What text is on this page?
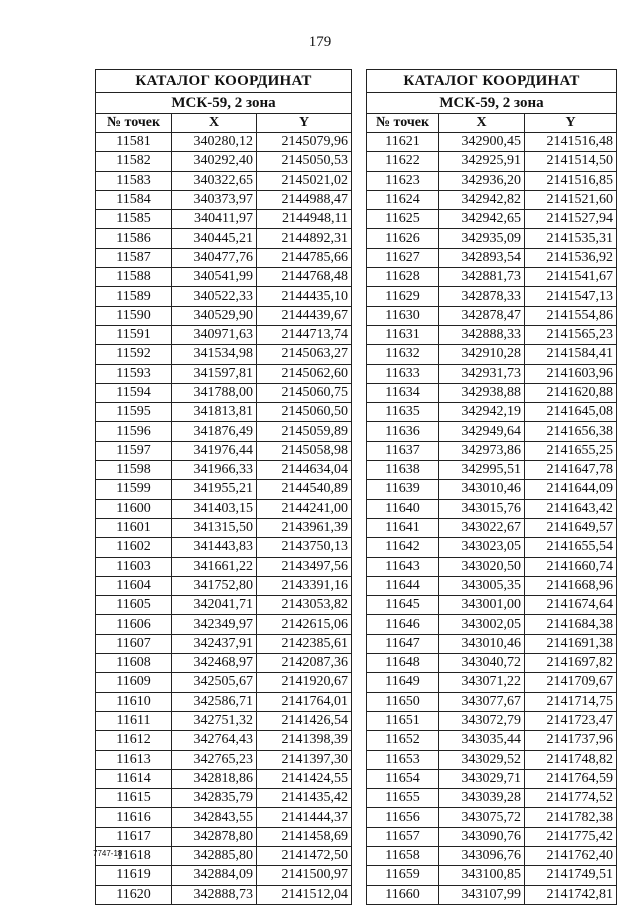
179
КАТАЛОГ КООРДИНАТ		
МСК-59, 2 зона		
№ точек	X	Y
11581	340280,12	2145079,96
11582	340292,40	2145050,53
11583	340322,65	2145021,02
11584	340373,97	2144988,47
11585	340411,97	2144948,11
11586	340445,21	2144892,31
11587	340477,76	2144785,66
11588	340541,99	2144768,48
11589	340522,33	2144435,10
11590	340529,90	2144439,67
11591	340971,63	2144713,74
11592	341534,98	2145063,27
11593	341597,81	2145062,60
11594	341788,00	2145060,75
11595	341813,81	2145060,50
11596	341876,49	2145059,89
11597	341976,44	2145058,98
11598	341966,33	2144634,04
11599	341955,21	2144540,89
11600	341403,15	2144241,00
11601	341315,50	2143961,39
11602	341443,83	2143750,13
11603	341661,22	2143497,56
11604	341752,80	2143391,16
11605	342041,71	2143053,82
11606	342349,97	2142615,06
11607	342437,91	2142385,61
11608	342468,97	2142087,36
11609	342505,67	2141920,67
11610	342586,71	2141764,01
11611	342751,32	2141426,54
11612	342764,43	2141398,39
11613	342765,23	2141397,30
11614	342818,86	2141424,55
11615	342835,79	2141435,42
11616	342843,55	2141444,37
11617	342878,80	2141458,69
11618	342885,80	2141472,50
11619	342884,09	2141500,97
11620	342888,73	2141512,04
КАТАЛОГ КООРДИНАТ		
МСК-59, 2 зона		
№ точек	X	Y
11621	342900,45	2141516,48
11622	342925,91	2141514,50
11623	342936,20	2141516,85
11624	342942,82	2141521,60
11625	342942,65	2141527,94
11626	342935,09	2141535,31
11627	342893,54	2141536,92
11628	342881,73	2141541,67
11629	342878,33	2141547,13
11630	342878,47	2141554,86
11631	342888,33	2141565,23
11632	342910,28	2141584,41
11633	342931,73	2141603,96
11634	342938,88	2141620,88
11635	342942,19	2141645,08
11636	342949,64	2141656,38
11637	342973,86	2141655,25
11638	342995,51	2141647,78
11639	343010,46	2141644,09
11640	343015,76	2141643,42
11641	343022,67	2141649,57
11642	343023,05	2141655,54
11643	343020,50	2141660,74
11644	343005,35	2141668,96
11645	343001,00	2141674,64
11646	343002,05	2141684,38
11647	343010,46	2141691,38
11648	343040,72	2141697,82
11649	343071,22	2141709,67
11650	343077,67	2141714,75
11651	343072,79	2141723,47
11652	343035,44	2141737,96
11653	343029,52	2141748,82
11654	343029,71	2141764,59
11655	343039,28	2141774,52
11656	343075,72	2141782,38
11657	343090,76	2141775,42
11658	343096,76	2141762,40
11659	343100,85	2141749,51
11660	343107,99	2141742,81
7747-18
